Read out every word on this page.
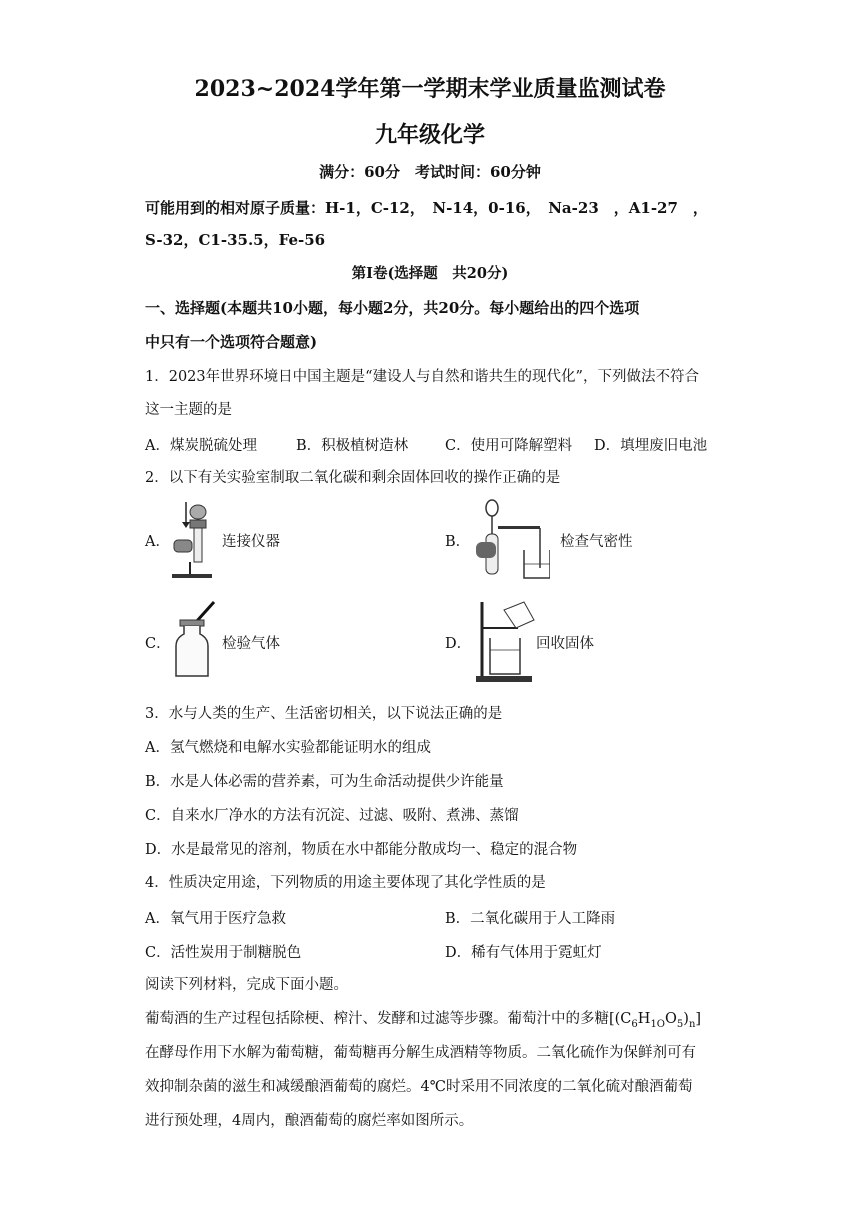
2023~2024学年第一学期末学业质量监测试卷
九年级化学
满分：60分　考试时间：60分钟
可能用到的相对原子质量：H-1，C-12，　N-14，0-16，　Na-23　，A1-27　，
S-32，C1-35.5，Fe-56
第I卷(选择题　共20分)
一、选择题(本题共10小题，每小题2分，共20分。每小题给出的四个选项
中只有一个选项符合题意)
1．2023年世界环境日中国主题是“建设人与自然和谐共生的现代化”，下列做法不符合
这一主题的是
A．煤炭脱硫处理	B．积极植树造林	C．使用可降解塑料 D．填埋废旧电池
2．以下有关实验室制取二氧化碳和剩余固体回收的操作正确的是
A．	连接仪器	B．	检查气密性
C．	检验气体	D．	回收固体
3．水与人类的生产、生活密切相关，以下说法正确的是
A．氢气燃烧和电解水实验都能证明水的组成
B．水是人体必需的营养素，可为生命活动提供少许能量
C．自来水厂净水的方法有沉淀、过滤、吸附、煮沸、蒸馏
D．水是最常见的溶剂，物质在水中都能分散成均一、稳定的混合物
4．性质决定用途，下列物质的用途主要体现了其化学性质的是
A．氧气用于医疗急救	B．二氧化碳用于人工降雨
C．活性炭用于制糖脱色	D．稀有气体用于霓虹灯
阅读下列材料，完成下面小题。
葡萄酒的生产过程包括除梗、榨汁、发酵和过滤等步骤。葡萄汁中的多糖$[(C_6H_{1O}O_5)_n]$
在酵母作用下水解为葡萄糖，葡萄糖再分解生成酒精等物质。二氧化硫作为保鲜剂可有
效抑制杂菌的滋生和减缓酿酒葡萄的腐烂。4℃时采用不同浓度的二氧化硫对酿酒葡萄
进行预处理，4周内，酿酒葡萄的腐烂率如图所示。
